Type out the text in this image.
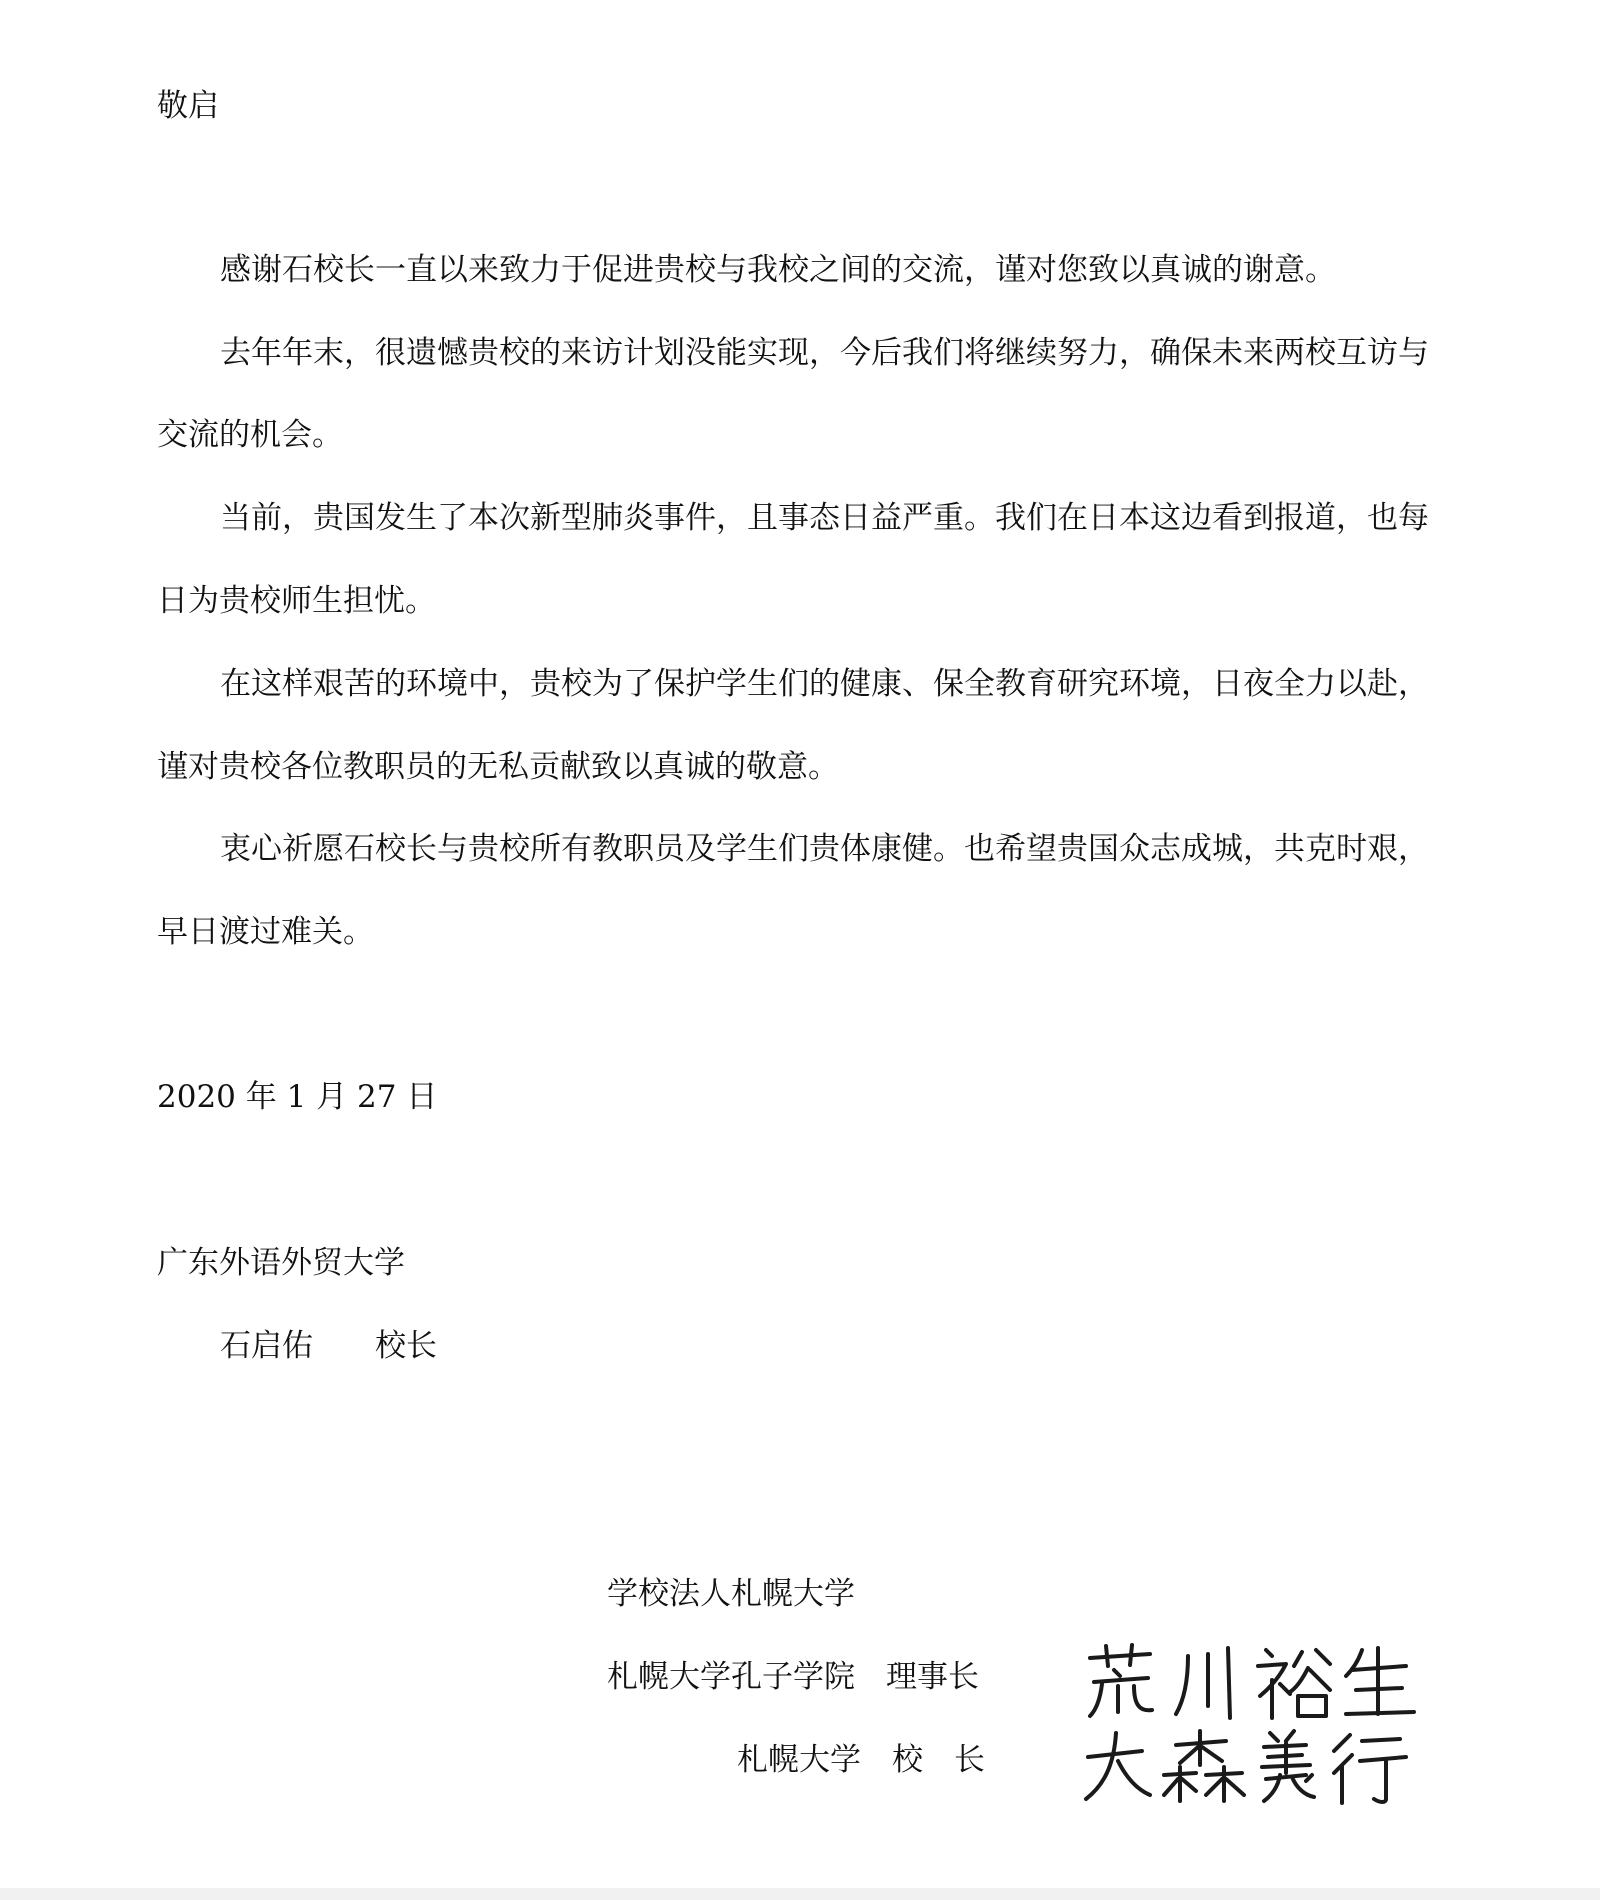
敬启
感谢石校长一直以来致力于促进贵校与我校之间的交流，谨对您致以真诚的谢意。
去年年末，很遗憾贵校的来访计划没能实现，今后我们将继续努力，确保未来两校互访与
交流的机会。
当前，贵国发生了本次新型肺炎事件，且事态日益严重。我们在日本这边看到报道，也每
日为贵校师生担忧。
在这样艰苦的环境中，贵校为了保护学生们的健康、保全教育研究环境，日夜全力以赴，
谨对贵校各位教职员的无私贡献致以真诚的敬意。
衷心祈愿石校长与贵校所有教职员及学生们贵体康健。也希望贵国众志成城，共克时艰，
早日渡过难关。
2020 年 1 月 27 日
广东外语外贸大学
石启佑　　校长
学校法人札幌大学
札幌大学孔子学院　理事长
札幌大学　校　长
